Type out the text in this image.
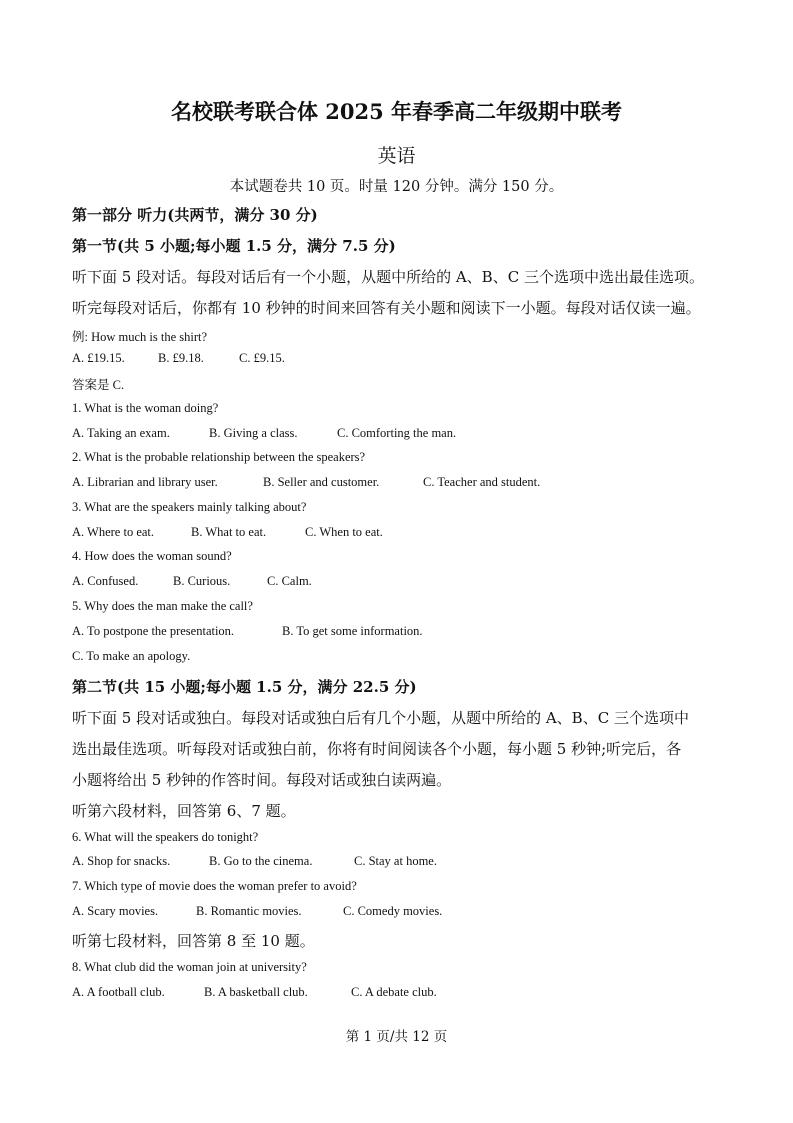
名校联考联合体 2025 年春季高二年级期中联考
英语
本试题卷共 10 页。时量 120 分钟。满分 150 分。
第一部分 听力(共两节，满分 30 分)
第一节(共 5 小题;每小题 1.5 分，满分 7.5 分)
听下面 5 段对话。每段对话后有一个小题，从题中所给的 A、B、C 三个选项中选出最佳选项。
听完每段对话后，你都有 10 秒钟的时间来回答有关小题和阅读下一小题。每段对话仅读一遍。
例: How much is the shirt?
A. £19.15.	B. £9.18.	C. £9.15.
答案是 C.
1. What is the woman doing?
A. Taking an exam.	B. Giving a class.	C. Comforting the man.
2. What is the probable relationship between the speakers?
A. Librarian and library user.	B. Seller and customer.	C. Teacher and student.
3. What are the speakers mainly talking about?
A. Where to eat.	B. What to eat.	C. When to eat.
4. How does the woman sound?
A. Confused.	B. Curious.	C. Calm.
5. Why does the man make the call?
A. To postpone the presentation.	B. To get some information.
C. To make an apology.
第二节(共 15 小题;每小题 1.5 分，满分 22.5 分)
听下面 5 段对话或独白。每段对话或独白后有几个小题，从题中所给的 A、B、C 三个选项中
选出最佳选项。听每段对话或独白前，你将有时间阅读各个小题，每小题 5 秒钟;听完后，各
小题将给出 5 秒钟的作答时间。每段对话或独白读两遍。
听第六段材料，回答第 6、7 题。
6. What will the speakers do tonight?
A. Shop for snacks.	B. Go to the cinema.	C. Stay at home.
7. Which type of movie does the woman prefer to avoid?
A. Scary movies.	B. Romantic movies.	C. Comedy movies.
听第七段材料，回答第 8 至 10 题。
8. What club did the woman join at university?
A. A football club.	B. A basketball club.	C. A debate club.
第 1 页/共 12 页
